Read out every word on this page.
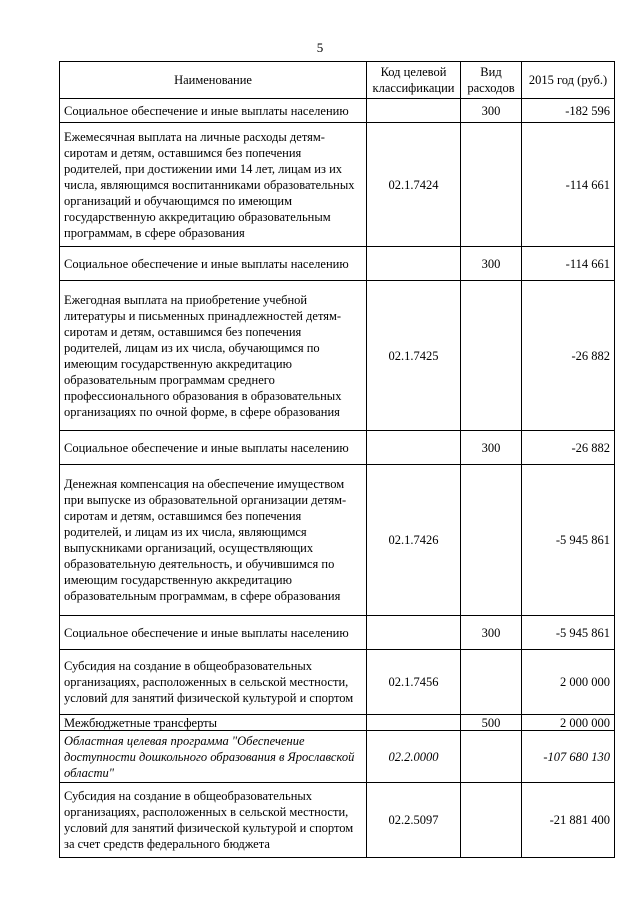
5
Наименование	Код целевой классификации	Вид расходов	2015 год (руб.)
Социальное обеспечение и иные выплаты населению		300	-182 596
Ежемесячная выплата на личные расходы детям-сиротам и детям, оставшимся без попечения родителей, при достижении ими 14 лет, лицам из их числа, являющимся воспитанниками образовательных организаций и обучающимся по имеющим государственную аккредитацию образовательным программам, в сфере образования	02.1.7424		-114 661
Социальное обеспечение и иные выплаты населению		300	-114 661
Ежегодная выплата на приобретение учебной литературы и письменных принадлежностей детям-сиротам и детям, оставшимся без попечения родителей, лицам из их числа, обучающимся по имеющим государственную аккредитацию образовательным программам среднего профессионального образования в образовательных организациях по очной форме, в сфере образования	02.1.7425		-26 882
Социальное обеспечение и иные выплаты населению		300	-26 882
Денежная компенсация на обеспечение имуществом при выпуске из образовательной организации детям-сиротам и детям, оставшимся без попечения родителей, и лицам из их числа, являющимся выпускниками организаций, осуществляющих образовательную деятельность, и обучившимся по имеющим государственную аккредитацию образовательным программам, в сфере образования	02.1.7426		-5 945 861
Социальное обеспечение и иные выплаты населению		300	-5 945 861
Субсидия на создание в общеобразовательных организациях, расположенных в сельской местности, условий для занятий физической культурой и спортом	02.1.7456		2 000 000
Межбюджетные трансферты		500	2 000 000
Областная целевая программа "Обеспечение доступности дошкольного образования в Ярославской области"	02.2.0000		-107 680 130
Субсидия на создание в общеобразовательных организациях, расположенных в сельской местности, условий для занятий физической культурой и спортом за счет средств федерального бюджета	02.2.5097		-21 881 400
